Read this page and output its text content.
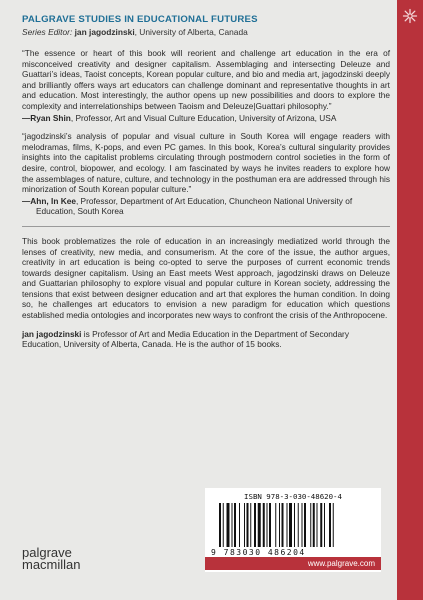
PALGRAVE STUDIES IN EDUCATIONAL FUTURES

Series Editor: jan jagodzinski, University of Alberta, Canada

“The essence or heart of this book will reorient and challenge art education in the era of misconceived creativity and designer capitalism. Assemblaging and intersecting Deleuze and Guattari’s ideas, Taoist concepts, Korean popular culture, and bio and media art, jagodzinski deeply and brilliantly offers ways art educators can challenge dominant and representative thoughts in art and education. Most interestingly, the author opens up new possibilities and doors to explore the complexity and interrelationships between Taoism and Deleuze|Guattari philosophy.”

—Ryan Shin, Professor, Art and Visual Culture Education, University of Arizona, USA

“jagodzinski’s analysis of popular and visual culture in South Korea will engage readers with melodramas, films, K-pops, and even PC games. In this book, Korea’s cultural singularity provides insights into the capitalist problems circulating through postmodern control societies in the form of desire, control, biopower, and ecology. I am fascinated by ways he invites readers to explore how the assemblages of nature, culture, and technology in the posthuman era are addressed through his minorization of South Korean popular culture.”

—Ahn, In Kee, Professor, Department of Art Education, Chuncheon National University of Education, South Korea

This book problematizes the role of education in an increasingly mediatized world through the lenses of creativity, new media, and consumerism. At the core of the issue, the author argues, creativity in art education is being co-opted to serve the purposes of current economic trends towards designer capitalism. Using an East meets West approach, jagodzinski draws on Deleuze and Guattarian philosophy to explore visual and popular culture in Korean society, addressing the tensions that exist between designer education and art that explores the human condition. In doing so, he challenges art educators to envision a new paradigm for education which questions established media ontologies and incorporates new ways to confront the crisis of the Anthropocene.

jan jagodzinski is Professor of Art and Media Education in the Department of Secondary Education, University of Alberta, Canada. He is the author of 15 books.

ISBN 978-3-030-48620-4
9 783030 486204
www.palgrave.com
palgrave
macmillan
